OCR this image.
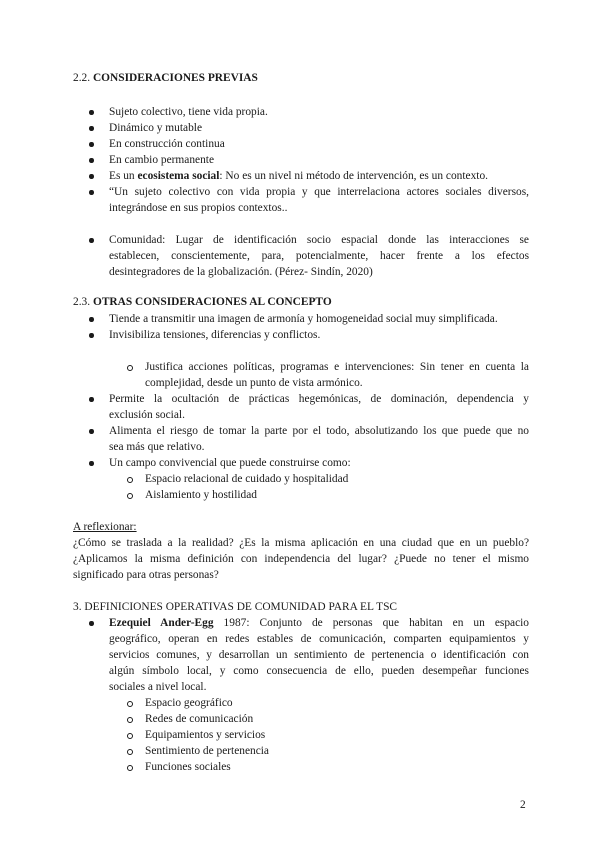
2.2. CONSIDERACIONES PREVIAS
Sujeto colectivo, tiene vida propia.
Dinámico y mutable
En construcción continua
En cambio permanente
Es un ecosistema social: No es un nivel ni método de intervención, es un contexto.
“Un sujeto colectivo con vida propia y que interrelaciona actores sociales diversos,
integrándose en sus propios contextos..
Comunidad: Lugar de identificación socio espacial donde las interacciones se
establecen, conscientemente, para, potencialmente, hacer frente a los efectos
desintegradores de la globalización. (Pérez- Sindín, 2020)
2.3. OTRAS CONSIDERACIONES AL CONCEPTO
Tiende a transmitir una imagen de armonía y homogeneidad social muy simplificada.
Invisibiliza tensiones, diferencias y conflictos.
Justifica acciones políticas, programas e intervenciones: Sin tener en cuenta la
complejidad, desde un punto de vista armónico.
Permite la ocultación de prácticas hegemónicas, de dominación, dependencia y
exclusión social.
Alimenta el riesgo de tomar la parte por el todo, absolutizando los que puede que no
sea más que relativo.
Un campo convivencial que puede construirse como:
Espacio relacional de cuidado y hospitalidad
Aislamiento y hostilidad
A reflexionar:
¿Cómo se traslada a la realidad? ¿Es la misma aplicación en una ciudad que en un pueblo?
¿Aplicamos la misma definición con independencia del lugar? ¿Puede no tener el mismo
significado para otras personas?
3. DEFINICIONES OPERATIVAS DE COMUNIDAD PARA EL TSC
Ezequiel Ander-Egg 1987: Conjunto de personas que habitan en un espacio
geográfico, operan en redes estables de comunicación, comparten equipamientos y
servicios comunes, y desarrollan un sentimiento de pertenencia o identificación con
algún símbolo local, y como consecuencia de ello, pueden desempeñar funciones
sociales a nivel local.
Espacio geográfico
Redes de comunicación
Equipamientos y servicios
Sentimiento de pertenencia
Funciones sociales
2
